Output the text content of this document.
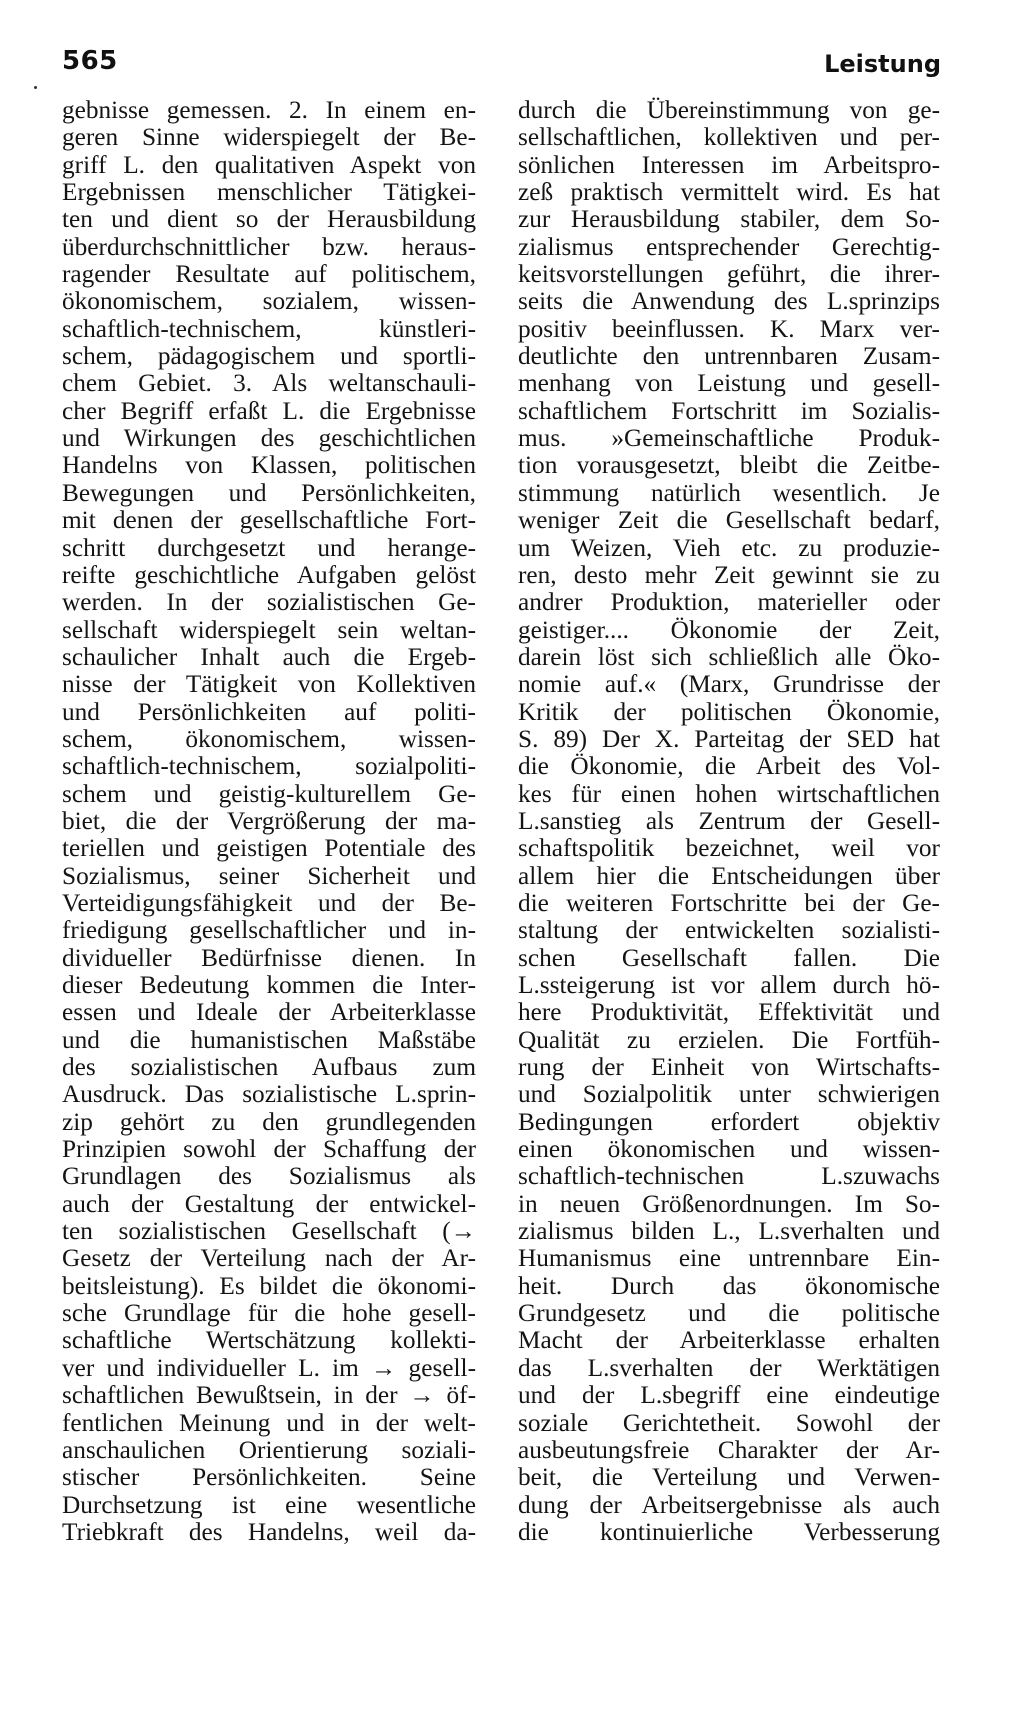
565	Leistung
gebnisse gemessen. 2. In einem en-
geren Sinne widerspiegelt der Be-
griff L. den qualitativen Aspekt von
Ergebnissen menschlicher Tätigkei-
ten und dient so der Herausbildung
überdurchschnittlicher bzw. heraus-
ragender Resultate auf politischem,
ökonomischem, sozialem, wissen-
schaftlich-technischem, künstleri-
schem, pädagogischem und sportli-
chem Gebiet. 3. Als weltanschauli-
cher Begriff erfaßt L. die Ergebnisse
und Wirkungen des geschichtlichen
Handelns von Klassen, politischen
Bewegungen und Persönlichkeiten,
mit denen der gesellschaftliche Fort-
schritt durchgesetzt und herange-
reifte geschichtliche Aufgaben gelöst
werden. In der sozialistischen Ge-
sellschaft widerspiegelt sein weltan-
schaulicher Inhalt auch die Ergeb-
nisse der Tätigkeit von Kollektiven
und Persönlichkeiten auf politi-
schem, ökonomischem, wissen-
schaftlich-technischem, sozialpoliti-
schem und geistig-kulturellem Ge-
biet, die der Vergrößerung der ma-
teriellen und geistigen Potentiale des
Sozialismus, seiner Sicherheit und
Verteidigungsfähigkeit und der Be-
friedigung gesellschaftlicher und in-
dividueller Bedürfnisse dienen. In
dieser Bedeutung kommen die Inter-
essen und Ideale der Arbeiterklasse
und die humanistischen Maßstäbe
des sozialistischen Aufbaus zum
Ausdruck. Das sozialistische L.sprin-
zip gehört zu den grundlegenden
Prinzipien sowohl der Schaffung der
Grundlagen des Sozialismus als
auch der Gestaltung der entwickel-
ten sozialistischen Gesellschaft (→
Gesetz der Verteilung nach der Ar-
beitsleistung). Es bildet die ökonomi-
sche Grundlage für die hohe gesell-
schaftliche Wertschätzung kollekti-
ver und individueller L. im → gesell-
schaftlichen Bewußtsein, in der → öf-
fentlichen Meinung und in der welt-
anschaulichen Orientierung soziali-
stischer Persönlichkeiten. Seine
Durchsetzung ist eine wesentliche
Triebkraft des Handelns, weil da-
durch die Übereinstimmung von ge-
sellschaftlichen, kollektiven und per-
sönlichen Interessen im Arbeitspro-
zeß praktisch vermittelt wird. Es hat
zur Herausbildung stabiler, dem So-
zialismus entsprechender Gerechtig-
keitsvorstellungen geführt, die ihrer-
seits die Anwendung des L.sprinzips
positiv beeinflussen. K. Marx ver-
deutlichte den untrennbaren Zusam-
menhang von Leistung und gesell-
schaftlichem Fortschritt im Sozialis-
mus. »Gemeinschaftliche Produk-
tion vorausgesetzt, bleibt die Zeitbe-
stimmung natürlich wesentlich. Je
weniger Zeit die Gesellschaft bedarf,
um Weizen, Vieh etc. zu produzie-
ren, desto mehr Zeit gewinnt sie zu
andrer Produktion, materieller oder
geistiger.... Ökonomie der Zeit,
darein löst sich schließlich alle Öko-
nomie auf.« (Marx, Grundrisse der
Kritik der politischen Ökonomie,
S. 89) Der X. Parteitag der SED hat
die Ökonomie, die Arbeit des Vol-
kes für einen hohen wirtschaftlichen
L.sanstieg als Zentrum der Gesell-
schaftspolitik bezeichnet, weil vor
allem hier die Entscheidungen über
die weiteren Fortschritte bei der Ge-
staltung der entwickelten sozialisti-
schen Gesellschaft fallen. Die
L.ssteigerung ist vor allem durch hö-
here Produktivität, Effektivität und
Qualität zu erzielen. Die Fortfüh-
rung der Einheit von Wirtschafts-
und Sozialpolitik unter schwierigen
Bedingungen erfordert objektiv
einen ökonomischen und wissen-
schaftlich-technischen L.szuwachs
in neuen Größenordnungen. Im So-
zialismus bilden L., L.sverhalten und
Humanismus eine untrennbare Ein-
heit. Durch das ökonomische
Grundgesetz und die politische
Macht der Arbeiterklasse erhalten
das L.sverhalten der Werktätigen
und der L.sbegriff eine eindeutige
soziale Gerichtetheit. Sowohl der
ausbeutungsfreie Charakter der Ar-
beit, die Verteilung und Verwen-
dung der Arbeitsergebnisse als auch
die kontinuierliche Verbesserung
